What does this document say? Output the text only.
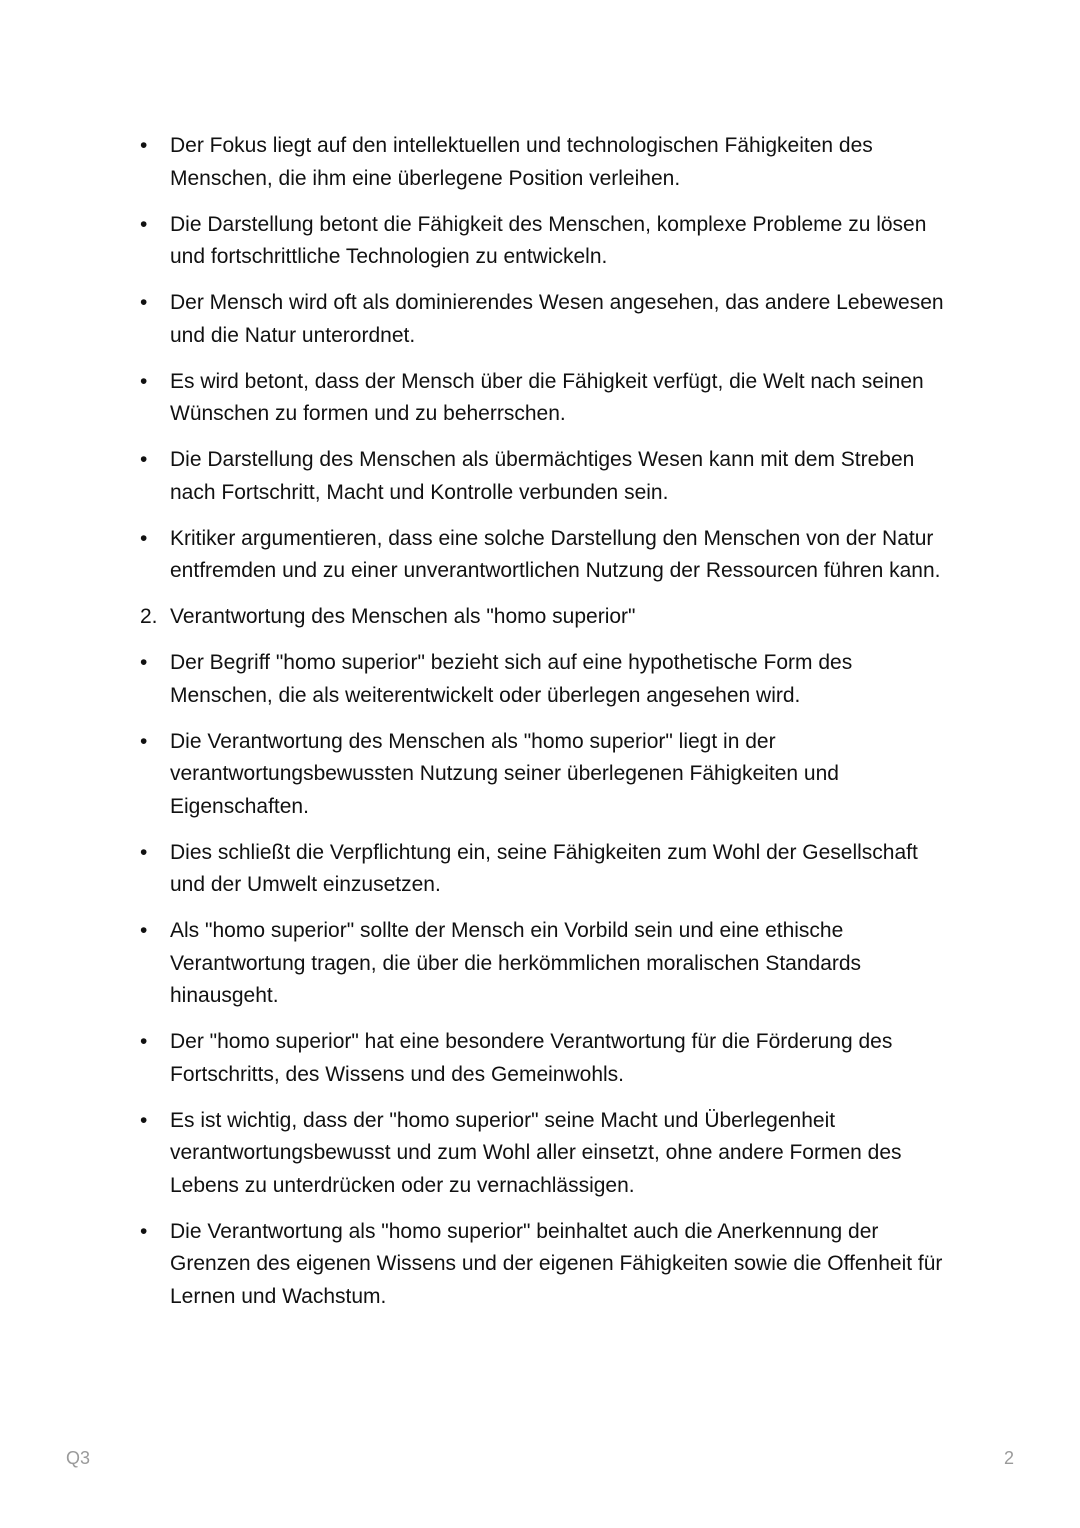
•	Der Fokus liegt auf den intellektuellen und technologischen Fähigkeiten des Menschen, die ihm eine überlegene Position verleihen.
•	Die Darstellung betont die Fähigkeit des Menschen, komplexe Probleme zu lösen und fortschrittliche Technologien zu entwickeln.
•	Der Mensch wird oft als dominierendes Wesen angesehen, das andere Lebewesen und die Natur unterordnet.
•	Es wird betont, dass der Mensch über die Fähigkeit verfügt, die Welt nach seinen Wünschen zu formen und zu beherrschen.
•	Die Darstellung des Menschen als übermächtiges Wesen kann mit dem Streben nach Fortschritt, Macht und Kontrolle verbunden sein.
•	Kritiker argumentieren, dass eine solche Darstellung den Menschen von der Natur entfremden und zu einer unverantwortlichen Nutzung der Ressourcen führen kann.
2. Verantwortung des Menschen als "homo superior"
•	Der Begriff "homo superior" bezieht sich auf eine hypothetische Form des Menschen, die als weiterentwickelt oder überlegen angesehen wird.
•	Die Verantwortung des Menschen als "homo superior" liegt in der verantwortungsbewussten Nutzung seiner überlegenen Fähigkeiten und Eigenschaften.
•	Dies schließt die Verpflichtung ein, seine Fähigkeiten zum Wohl der Gesellschaft und der Umwelt einzusetzen.
•	Als "homo superior" sollte der Mensch ein Vorbild sein und eine ethische Verantwortung tragen, die über die herkömmlichen moralischen Standards hinausgeht.
•	Der "homo superior" hat eine besondere Verantwortung für die Förderung des Fortschritts, des Wissens und des Gemeinwohls.
•	Es ist wichtig, dass der "homo superior" seine Macht und Überlegenheit verantwortungsbewusst und zum Wohl aller einsetzt, ohne andere Formen des Lebens zu unterdrücken oder zu vernachlässigen.
•	Die Verantwortung als "homo superior" beinhaltet auch die Anerkennung der Grenzen des eigenen Wissens und der eigenen Fähigkeiten sowie die Offenheit für Lernen und Wachstum.
Q3	2
